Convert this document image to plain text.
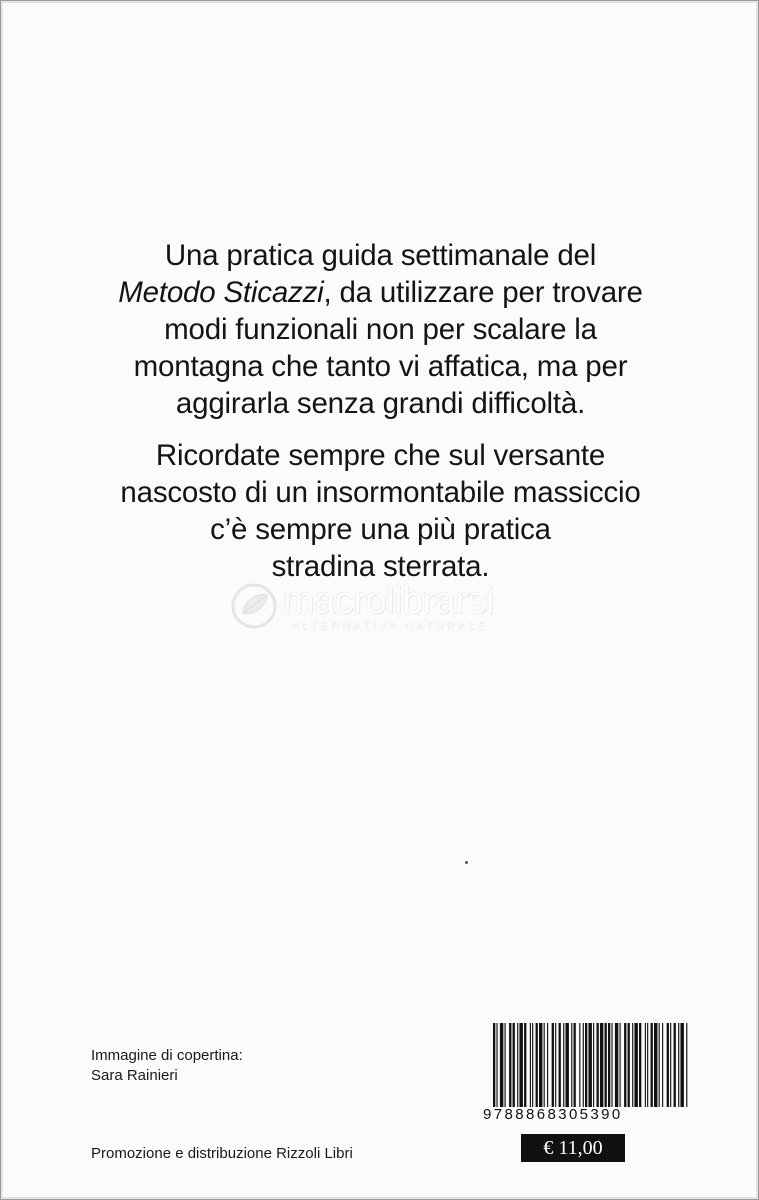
Una pratica guida settimanale del
Metodo Sticazzi, da utilizzare per trovare
modi funzionali non per scalare la
montagna che tanto vi affatica, ma per
aggirarla senza grandi difficoltà.

Ricordate sempre che sul versante
nascosto di un insormontabile massiccio
c’è sempre una più pratica
stradina sterrata.

macrolibrarsi
ALTERNATIVA NATURALE
Immagine di copertina:
Sara Rainieri
Promozione e distribuzione Rizzoli Libri
9788868305390
€ 11,00
